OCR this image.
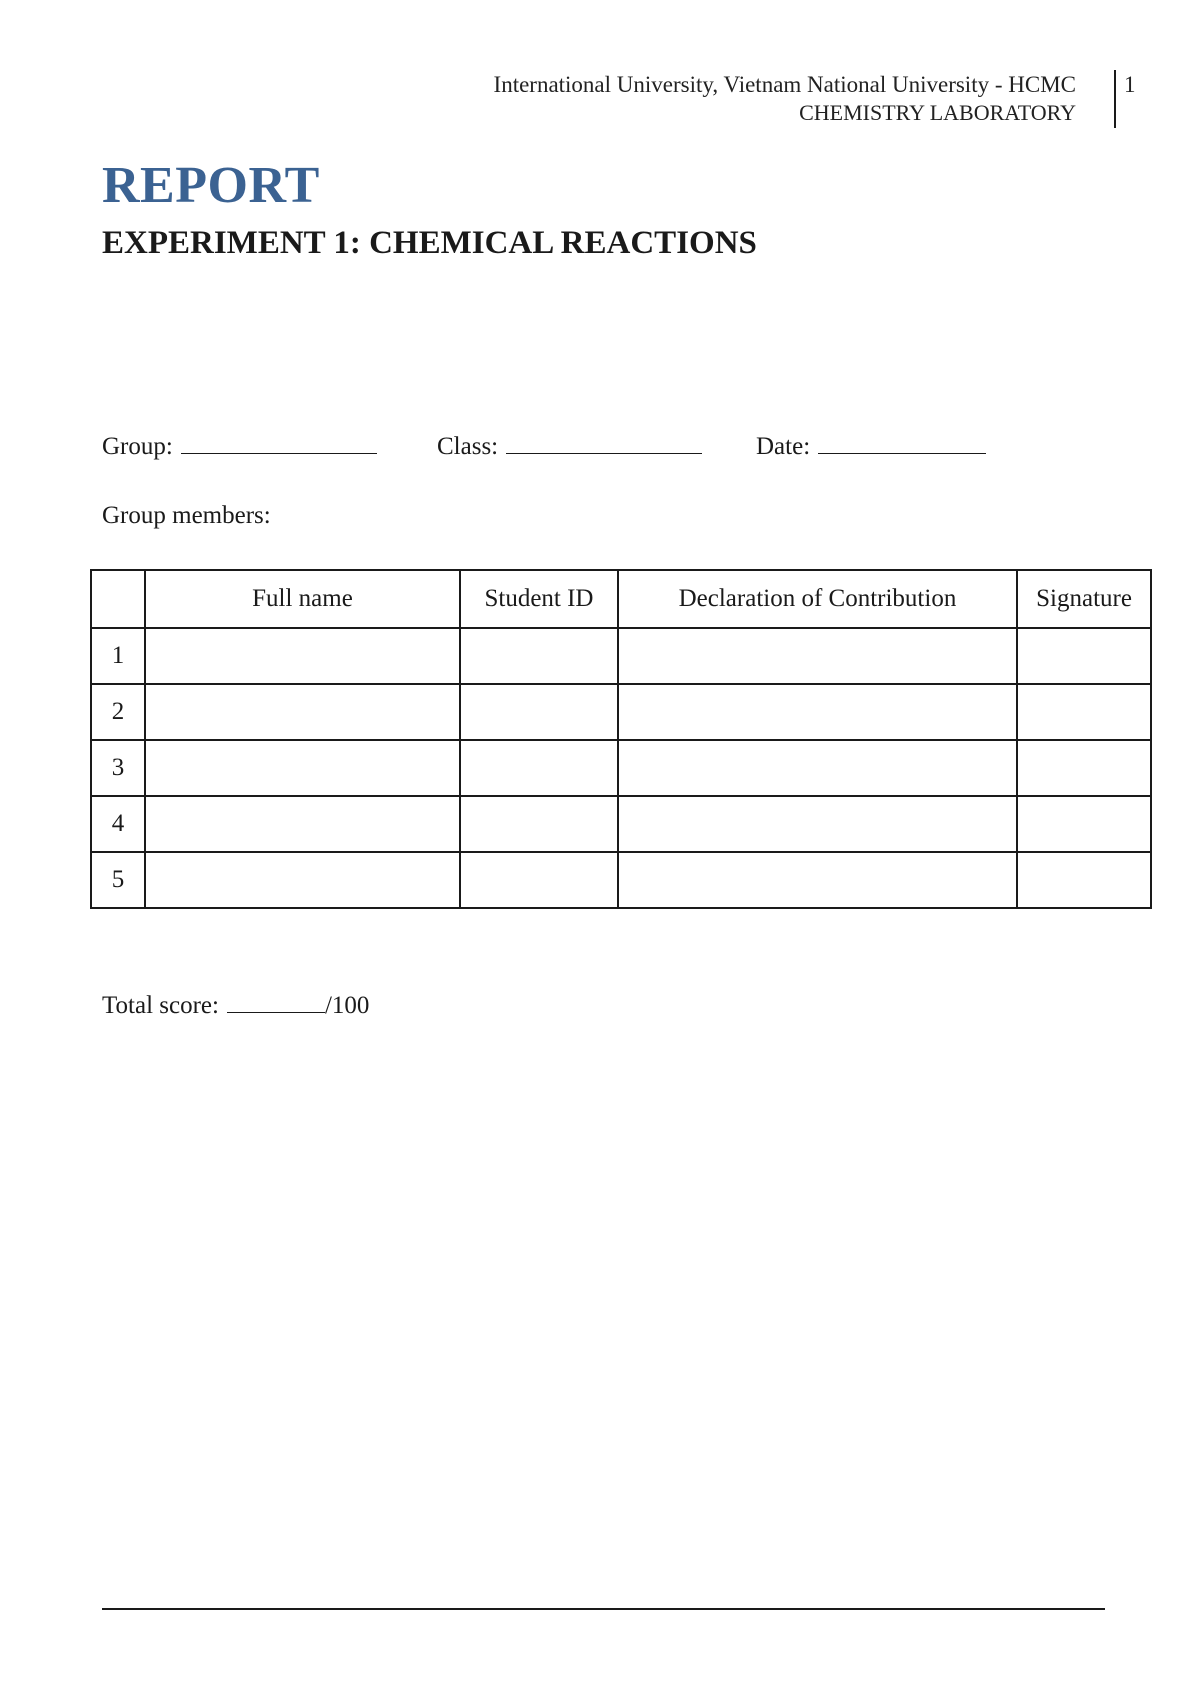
International University, Vietnam National University - HCMC
CHEMISTRY LABORATORY
1
REPORT
EXPERIMENT 1: CHEMICAL REACTIONS
Group:	Class:	Date:
Group members:
	Full name	Student ID	Declaration of Contribution	Signature
1				
2				
3				
4				
5				
Total score:	/100
